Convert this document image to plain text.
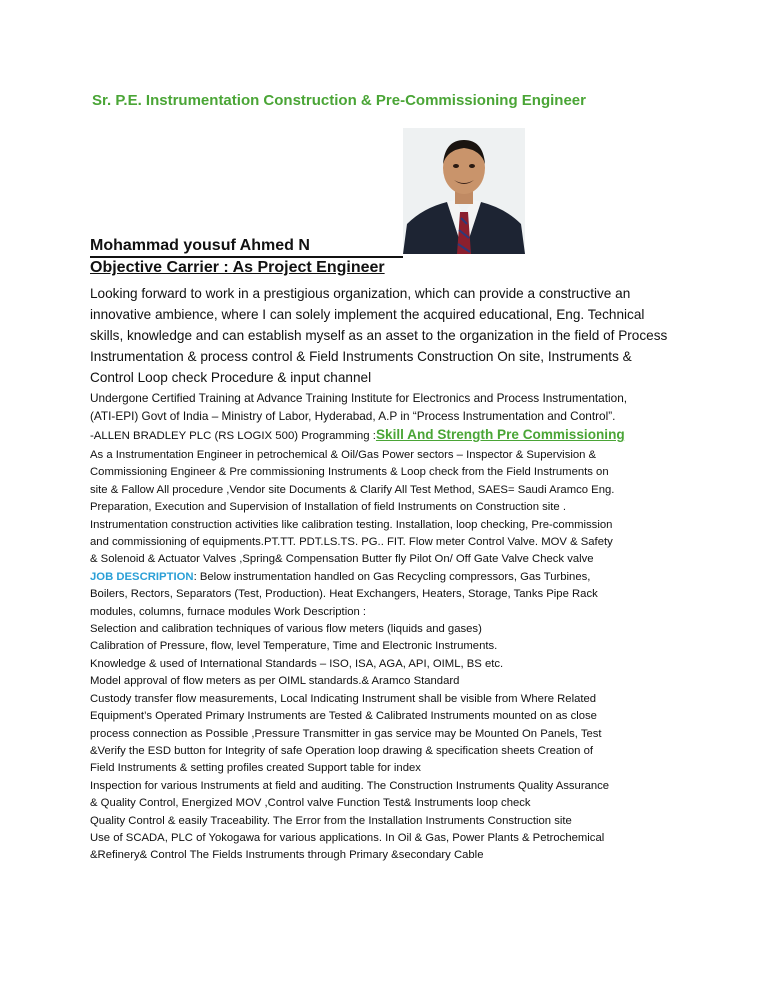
Sr. P.E. Instrumentation Construction & Pre-Commissioning Engineer
Mohammad yousuf Ahmed N
Objective Carrier : As Project Engineer
Looking forward to work in a prestigious organization, which can provide a constructive an
innovative ambience, where I can solely implement the acquired educational, Eng. Technical
skills, knowledge and can establish myself as an asset to the organization in the field of Process
Instrumentation & process control & Field Instruments Construction On site, Instruments &
Control Loop check Procedure & input channel
Undergone Certified Training at Advance Training Institute for Electronics and Process Instrumentation,
(ATI-EPI) Govt of India – Ministry of Labor, Hyderabad, A.P in “Process Instrumentation and Control”.
-ALLEN BRADLEY PLC (RS LOGIX 500) Programming :Skill And Strength Pre Commissioning
As a Instrumentation Engineer in petrochemical & Oil/Gas Power sectors – Inspector & Supervision &
Commissioning Engineer & Pre commissioning Instruments & Loop check from the Field Instruments on
site & Fallow All procedure ,Vendor site Documents & Clarify All Test Method, SAES= Saudi Aramco Eng.
Preparation, Execution and Supervision of Installation of field Instruments on Construction site .
Instrumentation construction activities like calibration testing. Installation, loop checking, Pre-commission
and commissioning of equipments.PT.TT. PDT.LS.TS. PG.. FIT. Flow meter Control Valve. MOV & Safety
& Solenoid & Actuator Valves ,Spring& Compensation Butter fly Pilot On/ Off Gate Valve Check valve
JOB DESCRIPTION: Below instrumentation handled on Gas Recycling compressors, Gas Turbines,
Boilers, Rectors, Separators (Test, Production). Heat Exchangers, Heaters, Storage, Tanks Pipe Rack
modules, columns, furnace modules Work Description :
Selection and calibration techniques of various flow meters (liquids and gases)
Calibration of Pressure, flow, level Temperature, Time and Electronic Instruments.
Knowledge & used of International Standards – ISO, ISA, AGA, API, OIML, BS etc.
Model approval of flow meters as per OIML standards.& Aramco Standard
Custody transfer flow measurements, Local Indicating Instrument shall be visible from Where Related
Equipment’s Operated Primary Instruments are Tested & Calibrated Instruments mounted on as close
process connection as Possible ,Pressure Transmitter in gas service may be Mounted On Panels, Test
&Verify the ESD button for Integrity of safe Operation loop drawing & specification sheets Creation of
Field Instruments & setting profiles created Support table for index
Inspection for various Instruments at field and auditing. The Construction Instruments Quality Assurance
& Quality Control, Energized MOV ,Control valve Function Test& Instruments loop check
Quality Control & easily Traceability. The Error from the Installation Instruments Construction site
Use of SCADA, PLC of Yokogawa for various applications. In Oil & Gas, Power Plants & Petrochemical
&Refinery& Control The Fields Instruments through Primary &secondary Cable
